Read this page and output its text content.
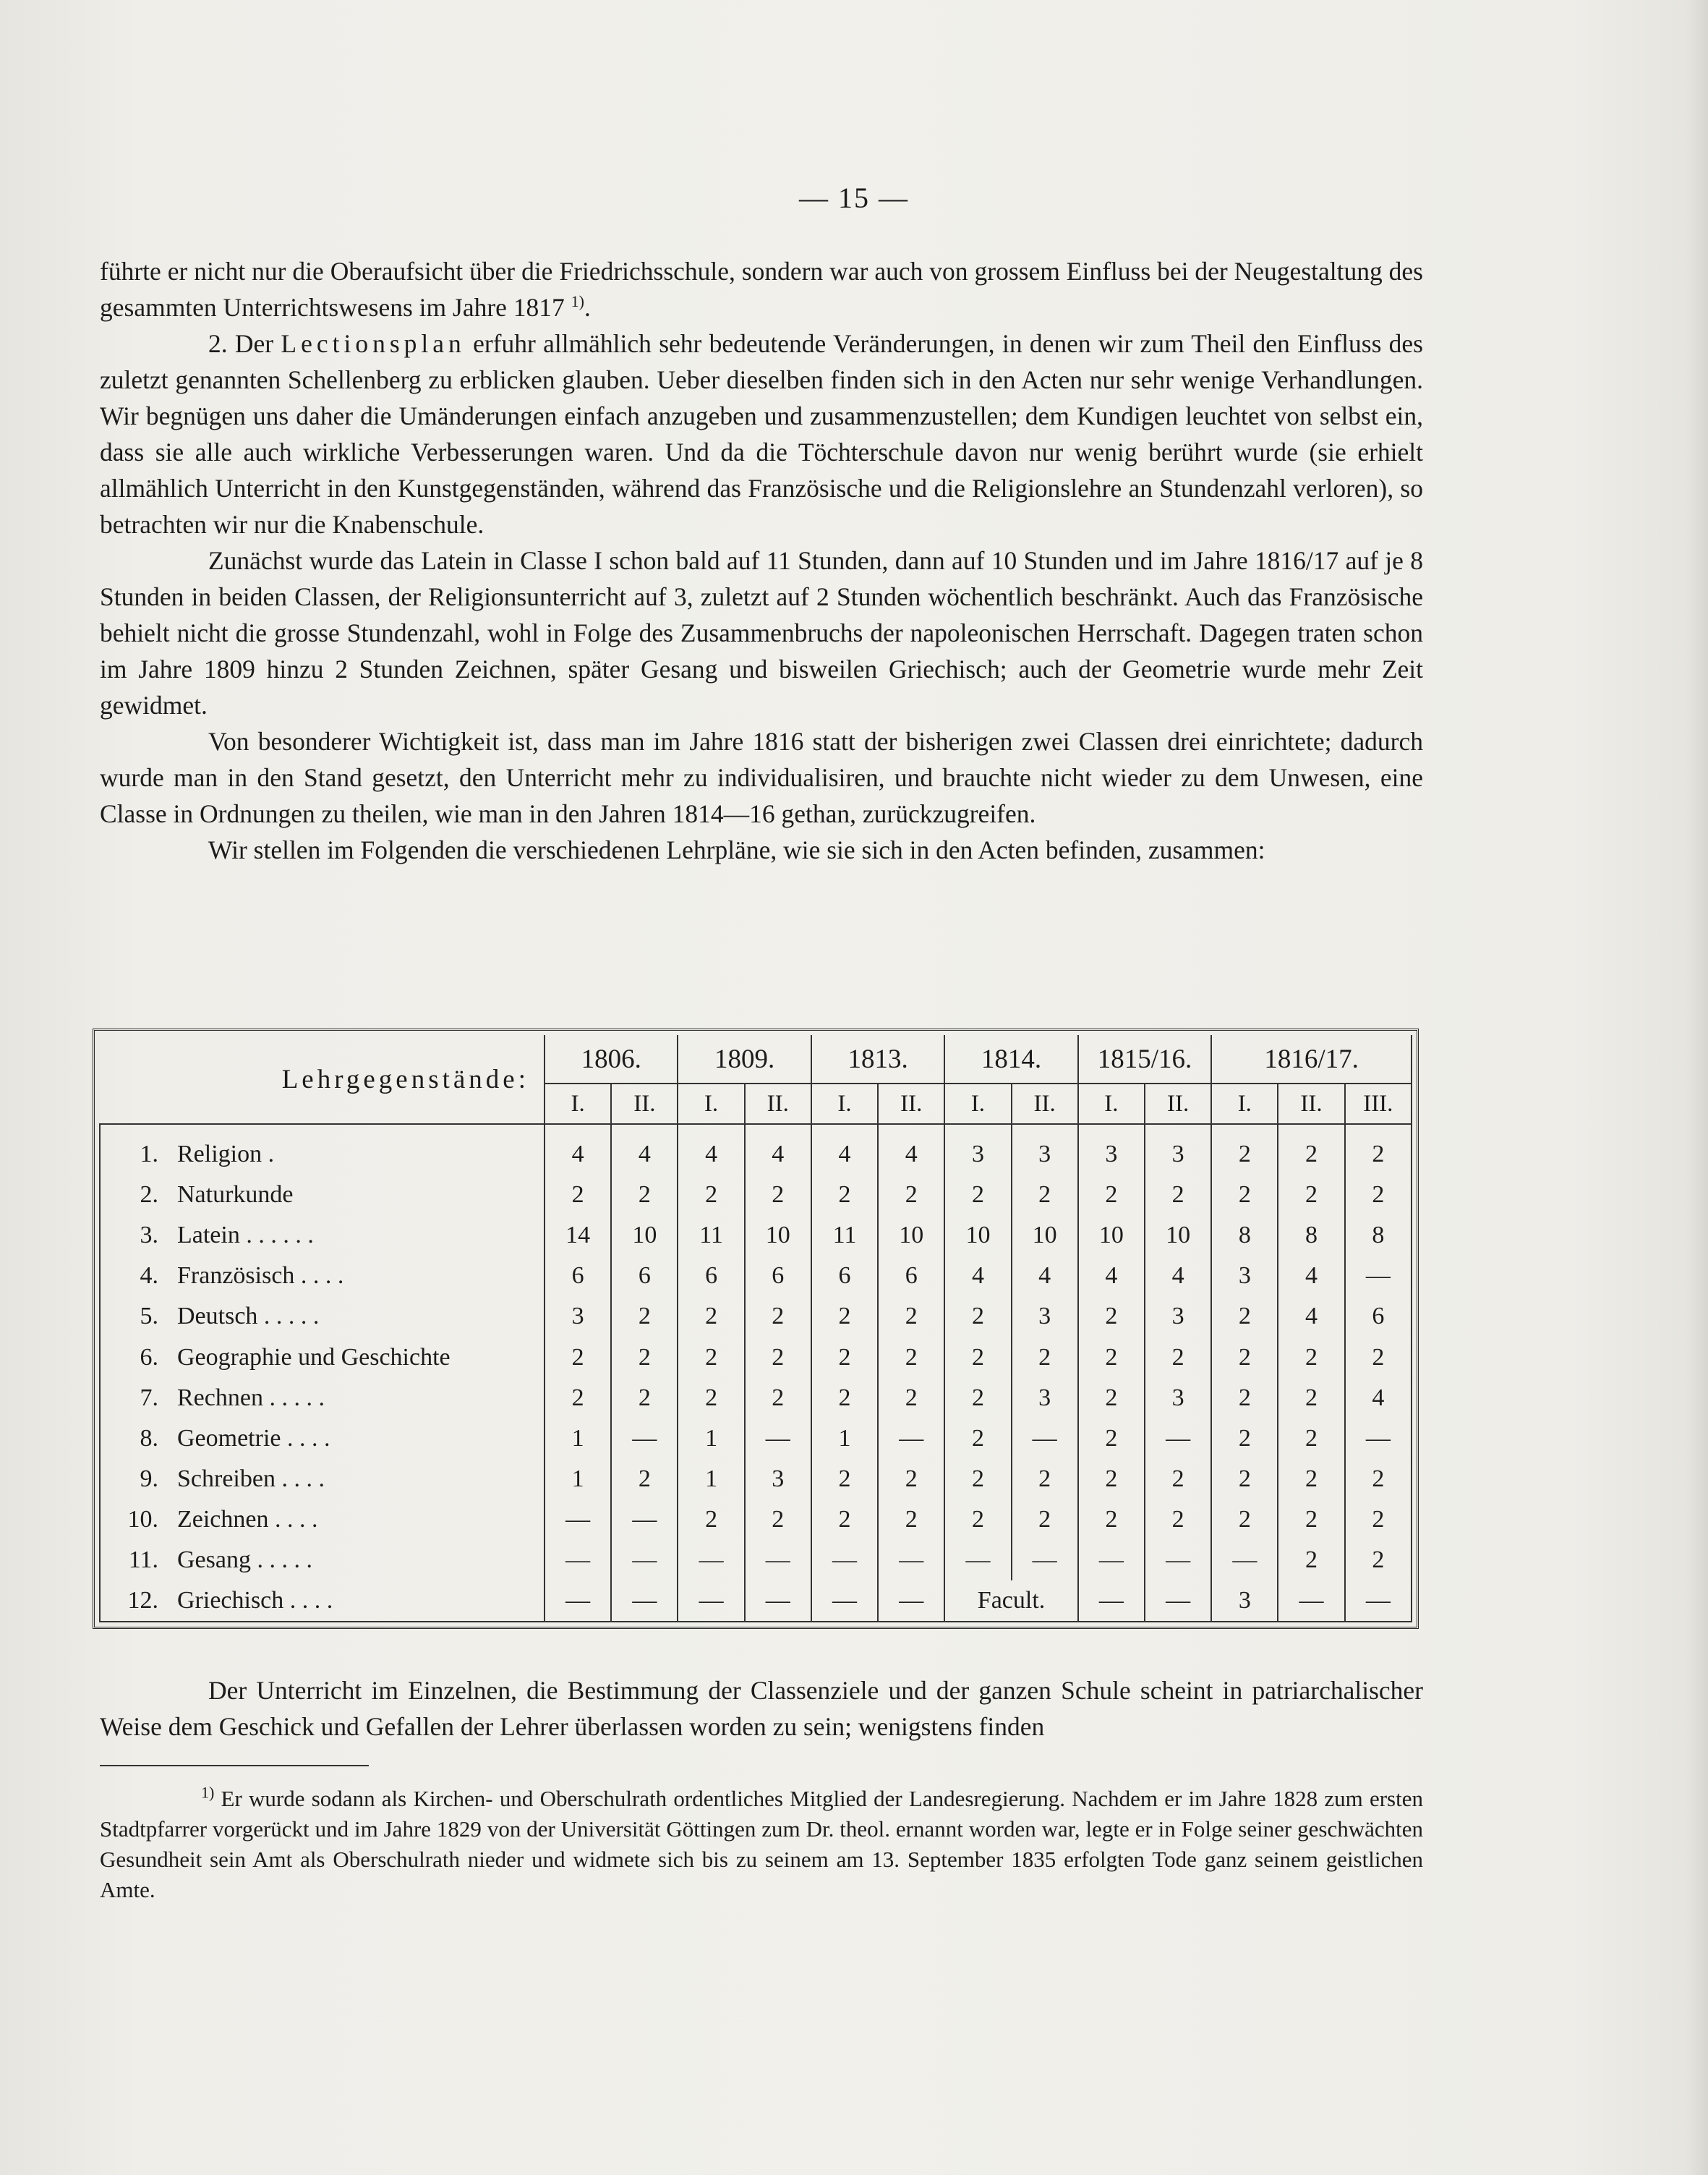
— 15 —

führte er nicht nur die Oberaufsicht über die Friedrichsschule, sondern war auch von grossem Einfluss bei der Neugestaltung des gesammten Unterrichtswesens im Jahre 1817 $^{1)}$.

2. Der Lectionsplan erfuhr allmählich sehr bedeutende Veränderungen, in denen wir zum Theil den Einfluss des zuletzt genannten Schellenberg zu erblicken glauben. Ueber dieselben finden sich in den Acten nur sehr wenige Verhandlungen. Wir begnügen uns daher die Umänderungen einfach anzugeben und zusammenzustellen; dem Kundigen leuchtet von selbst ein, dass sie alle auch wirkliche Verbesserungen waren. Und da die Töchterschule davon nur wenig berührt wurde (sie erhielt allmählich Unterricht in den Kunstgegenständen, während das Französische und die Religionslehre an Stundenzahl verloren), so betrachten wir nur die Knabenschule.

Zunächst wurde das Latein in Classe I schon bald auf 11 Stunden, dann auf 10 Stunden und im Jahre 1816/17 auf je 8 Stunden in beiden Classen, der Religionsunterricht auf 3, zuletzt auf 2 Stunden wöchentlich beschränkt. Auch das Französische behielt nicht die grosse Stundenzahl, wohl in Folge des Zusammenbruchs der napoleonischen Herrschaft. Dagegen traten schon im Jahre 1809 hinzu 2 Stunden Zeichnen, später Gesang und bisweilen Griechisch; auch der Geometrie wurde mehr Zeit gewidmet.

Von besonderer Wichtigkeit ist, dass man im Jahre 1816 statt der bisherigen zwei Classen drei einrichtete; dadurch wurde man in den Stand gesetzt, den Unterricht mehr zu individualisiren, und brauchte nicht wieder zu dem Unwesen, eine Classe in Ordnungen zu theilen, wie man in den Jahren 1814—16 gethan, zurückzugreifen.

Wir stellen im Folgenden die verschiedenen Lehrpläne, wie sie sich in den Acten befinden, zusammen:

Lehrgegenstände:		1806.		1809.		1813.		1814.		1815/16.		1816/17.		
		I.	II.	I.	II.	I.	II.	I.	II.	I.	II.	I.	II.	III.
1.	Religion .	4	4	4	4	4	4	3	3	3	3	2	2	2
2.	Naturkunde	2	2	2	2	2	2	2	2	2	2	2	2	2
3.	Latein . . . . . .	14	10	11	10	11	10	10	10	10	10	8	8	8
4.	Französisch . . . .	6	6	6	6	6	6	4	4	4	4	3	4	—
5.	Deutsch . . . . .	3	2	2	2	2	2	2	3	2	3	2	4	6
6.	Geographie und Geschichte	2	2	2	2	2	2	2	2	2	2	2	2	2
7.	Rechnen . . . . .	2	2	2	2	2	2	2	3	2	3	2	2	4
8.	Geometrie . . . .	1	—	1	—	1	—	2	—	2	—	2	2	—
9.	Schreiben . . . .	1	2	1	3	2	2	2	2	2	2	2	2	2
10.	Zeichnen . . . .	—	—	2	2	2	2	2	2	2	2	2	2	2
11.	Gesang . . . . .	—	—	—	—	—	—	—	—	—	—	—	2	2
12.	Griechisch . . . .	—	—	—	—	—	—	Facult.		—	—	3	—	—

Der Unterricht im Einzelnen, die Bestimmung der Classenziele und der ganzen Schule scheint in patriarchalischer Weise dem Geschick und Gefallen der Lehrer überlassen worden zu sein; wenigstens finden

$^{1)}$ Er wurde sodann als Kirchen- und Oberschulrath ordentliches Mitglied der Landesregierung. Nachdem er im Jahre 1828 zum ersten Stadtpfarrer vorgerückt und im Jahre 1829 von der Universität Göttingen zum Dr. theol. ernannt worden war, legte er in Folge seiner geschwächten Gesundheit sein Amt als Oberschulrath nieder und widmete sich bis zu seinem am 13. September 1835 erfolgten Tode ganz seinem geistlichen Amte.
